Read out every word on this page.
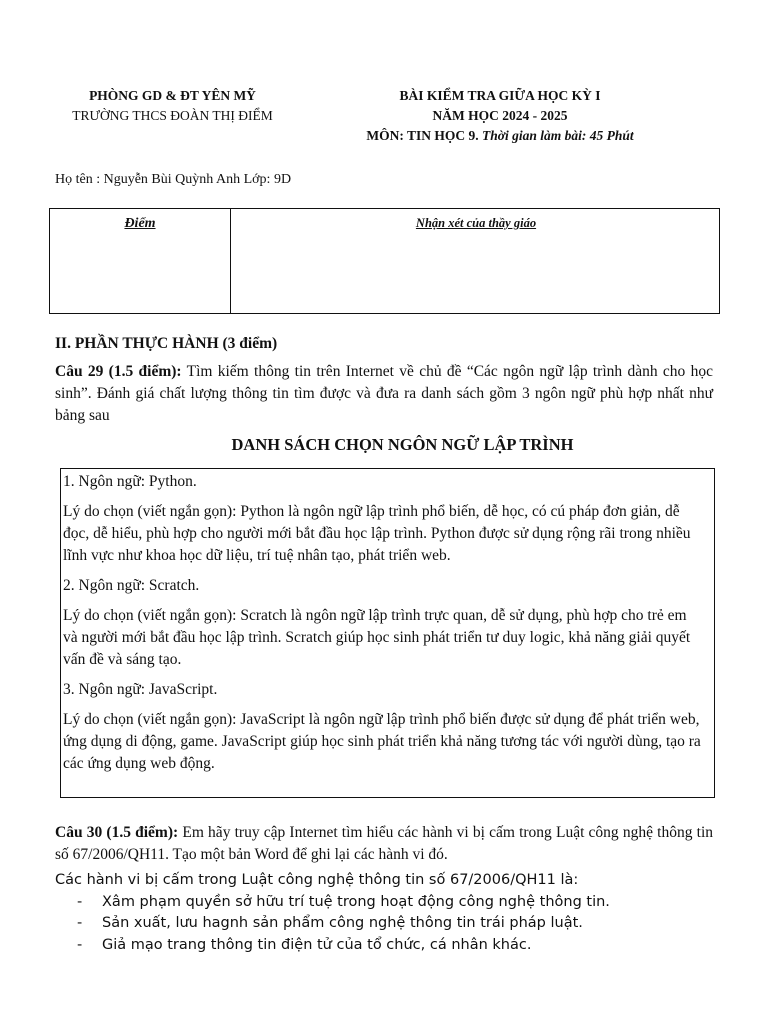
PHÒNG GD & ĐT YÊN MỸ
TRƯỜNG THCS ĐOÀN THỊ ĐIỂM
BÀI KIỂM TRA GIỮA HỌC KỲ I
NĂM HỌC 2024 - 2025
MÔN: TIN HỌC 9. Thời gian làm bài: 45 Phút
Họ tên : Nguyễn Bùi Quỳnh Anh Lớp: 9D
Điểm	Nhận xét của thầy giáo
II. PHẦN THỰC HÀNH (3 điểm)
Câu 29 (1.5 điểm): Tìm kiếm thông tin trên Internet về chủ đề “Các ngôn ngữ lập trình dành cho học sinh”. Đánh giá chất lượng thông tin tìm được và đưa ra danh sách gồm 3 ngôn ngữ phù hợp nhất như bảng sau
DANH SÁCH CHỌN NGÔN NGỮ LẬP TRÌNH

1. Ngôn ngữ: Python.

Lý do chọn (viết ngắn gọn): Python là ngôn ngữ lập trình phổ biến, dễ học, có cú pháp đơn giản, dễ đọc, dễ hiểu, phù hợp cho người mới bắt đầu học lập trình. Python được sử dụng rộng rãi trong nhiều lĩnh vực như khoa học dữ liệu, trí tuệ nhân tạo, phát triển web.

2. Ngôn ngữ: Scratch.

Lý do chọn (viết ngắn gọn): Scratch là ngôn ngữ lập trình trực quan, dễ sử dụng, phù hợp cho trẻ em và người mới bắt đầu học lập trình. Scratch giúp học sinh phát triển tư duy logic, khả năng giải quyết vấn đề và sáng tạo.

3. Ngôn ngữ: JavaScript.

Lý do chọn (viết ngắn gọn): JavaScript là ngôn ngữ lập trình phổ biến được sử dụng để phát triển web, ứng dụng di động, game. JavaScript giúp học sinh phát triển khả năng tương tác với người dùng, tạo ra các ứng dụng web động.

Câu 30 (1.5 điểm): Em hãy truy cập Internet tìm hiểu các hành vi bị cấm trong Luật công nghệ thông tin số 67/2006/QH11. Tạo một bản Word để ghi lại các hành vi đó.
Các hành vi bị cấm trong Luật công nghệ thông tin số 67/2006/QH11 là:
- Xâm phạm quyền sở hữu trí tuệ trong hoạt động công nghệ thông tin.
- Sản xuất, lưu hagnh sản phẩm công nghệ thông tin trái pháp luật.
- Giả mạo trang thông tin điện tử của tổ chức, cá nhân khác.
